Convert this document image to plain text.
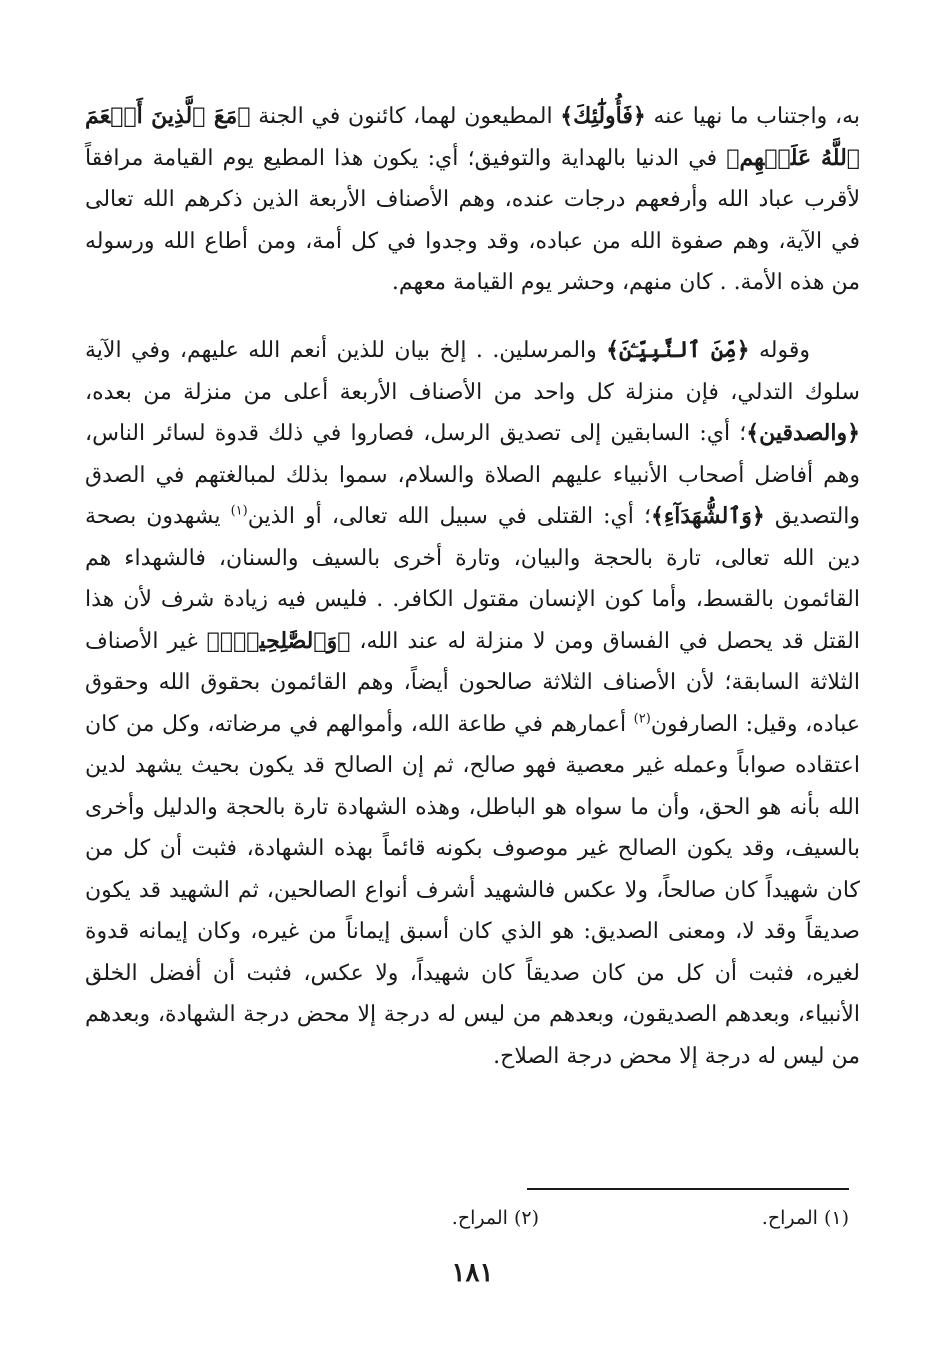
به، واجتناب ما نهيا عنه ﴿فَأُولَٰٓئِكَ﴾ المطيعون لهما، كائنون في الجنة ﴿مَعَ ٱلَّذِينَ أَنۡعَمَ ٱللَّهُ عَلَيۡهِم﴾ في الدنيا بالهداية والتوفيق؛ أي: يكون هذا المطيع يوم القيامة مرافقاً لأقرب عباد الله وأرفعهم درجات عنده، وهم الأصناف الأربعة الذين ذكرهم الله تعالى في الآية، وهم صفوة الله من عباده، وقد وجدوا في كل أمة، ومن أطاع الله ورسوله من هذه الأمة. . كان منهم، وحشر يوم القيامة معهم.

وقوله ﴿مِّنَ ٱلنَّبِيِّـۧنَ﴾ والمرسلين. . إلخ بيان للذين أنعم الله عليهم، وفي الآية سلوك التدلي، فإن منزلة كل واحد من الأصناف الأربعة أعلى من منزلة من بعده، ﴿والصدقين﴾؛ أي: السابقين إلى تصديق الرسل، فصاروا في ذلك قدوة لسائر الناس، وهم أفاضل أصحاب الأنبياء عليهم الصلاة والسلام، سموا بذلك لمبالغتهم في الصدق والتصديق ﴿وَٱلشُّهَدَآءِ﴾؛ أي: القتلى في سبيل الله تعالى، أو الذين$^{(١)}$ يشهدون بصحة دين الله تعالى، تارة بالحجة والبيان، وتارة أخرى بالسيف والسنان، فالشهداء هم القائمون بالقسط، وأما كون الإنسان مقتول الكافر. . فليس فيه زيادة شرف لأن هذا القتل قد يحصل في الفساق ومن لا منزلة له عند الله، ﴿وَٱلصَّٰلِحِينَۚ﴾ غير الأصناف الثلاثة السابقة؛ لأن الأصناف الثلاثة صالحون أيضاً، وهم القائمون بحقوق الله وحقوق عباده، وقيل: الصارفون$^{(٢)}$ أعمارهم في طاعة الله، وأموالهم في مرضاته، وكل من كان اعتقاده صواباً وعمله غير معصية فهو صالح، ثم إن الصالح قد يكون بحيث يشهد لدين الله بأنه هو الحق، وأن ما سواه هو الباطل، وهذه الشهادة تارة بالحجة والدليل وأخرى بالسيف، وقد يكون الصالح غير موصوف بكونه قائماً بهذه الشهادة، فثبت أن كل من كان شهيداً كان صالحاً، ولا عكس فالشهيد أشرف أنواع الصالحين، ثم الشهيد قد يكون صديقاً وقد لا، ومعنى الصديق: هو الذي كان أسبق إيماناً من غيره، وكان إيمانه قدوة لغيره، فثبت أن كل من كان صديقاً كان شهيداً، ولا عكس، فثبت أن أفضل الخلق الأنبياء، وبعدهم الصديقون، وبعدهم من ليس له درجة إلا محض درجة الشهادة، وبعدهم من ليس له درجة إلا محض درجة الصلاح.

(١) المراح.
(٢) المراح.
١٨١
